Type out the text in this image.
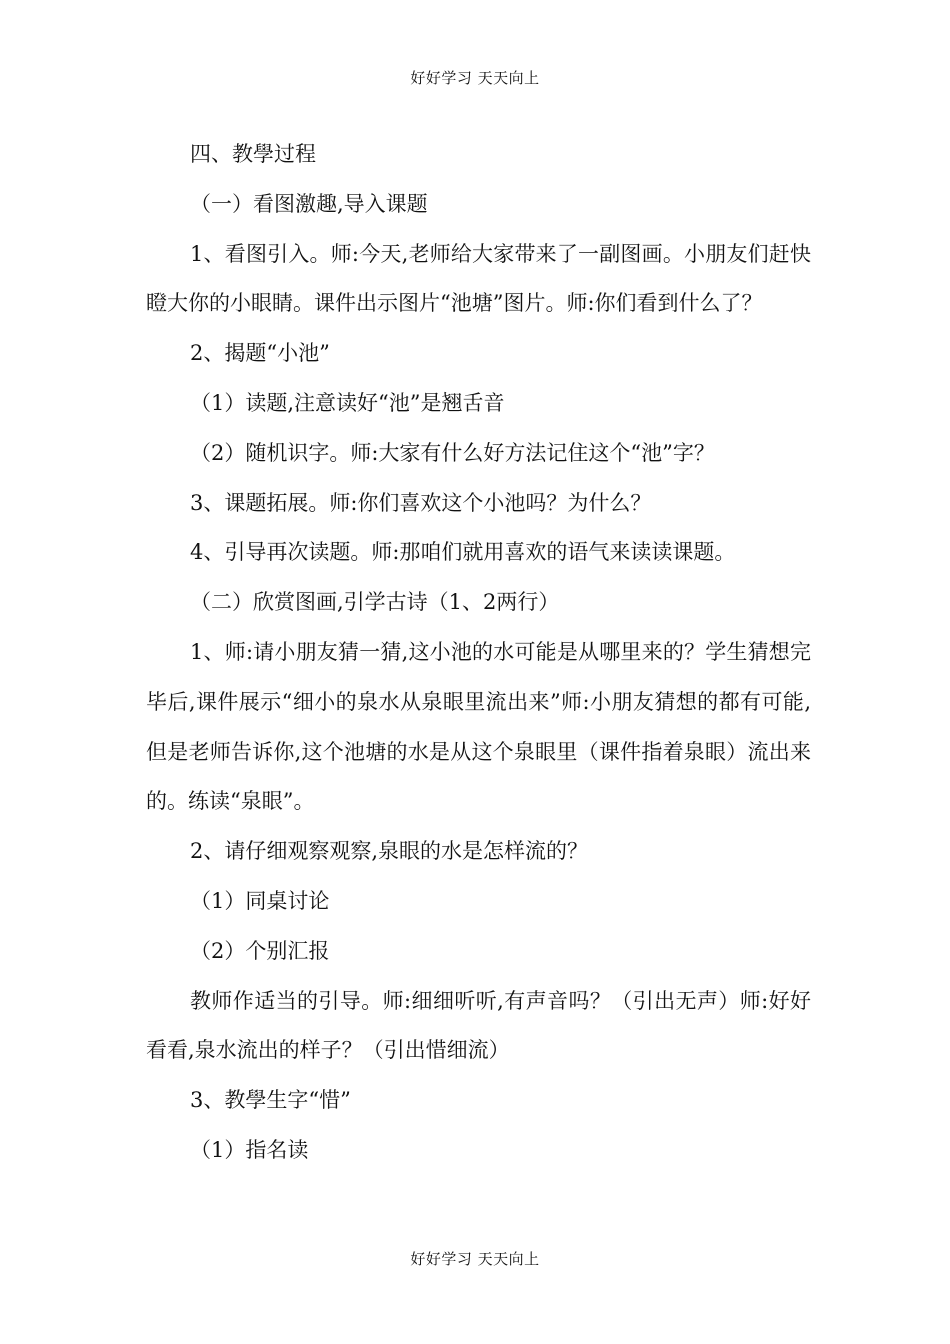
好好学习 天天向上

四、教學过程

（一）看图激趣,导入课题

1、看图引入。师:今天,老师给大家带来了一副图画。小朋友们赶快瞪大你的小眼睛。课件出示图片“池塘”图片。师:你们看到什么了？

2、揭题“小池”

（1）读题,注意读好“池”是翘舌音

（2）随机识字。师:大家有什么好方法记住这个“池”字？

3、课题拓展。师:你们喜欢这个小池吗？为什么？

4、引导再次读题。师:那咱们就用喜欢的语气来读读课题。

（二）欣赏图画,引学古诗（1、2两行）

1、师:请小朋友猜一猜,这小池的水可能是从哪里来的？学生猜想完毕后,课件展示“细小的泉水从泉眼里流出来”师:小朋友猜想的都有可能,但是老师告诉你,这个池塘的水是从这个泉眼里（课件指着泉眼）流出来的。练读“泉眼”。

2、请仔细观察观察,泉眼的水是怎样流的？

（1）同桌讨论

（2）个别汇报

教师作适当的引导。师:细细听听,有声音吗？（引出无声）师:好好看看,泉水流出的样子？（引出惜细流）

3、教學生字“惜”

（1）指名读

好好学习 天天向上
